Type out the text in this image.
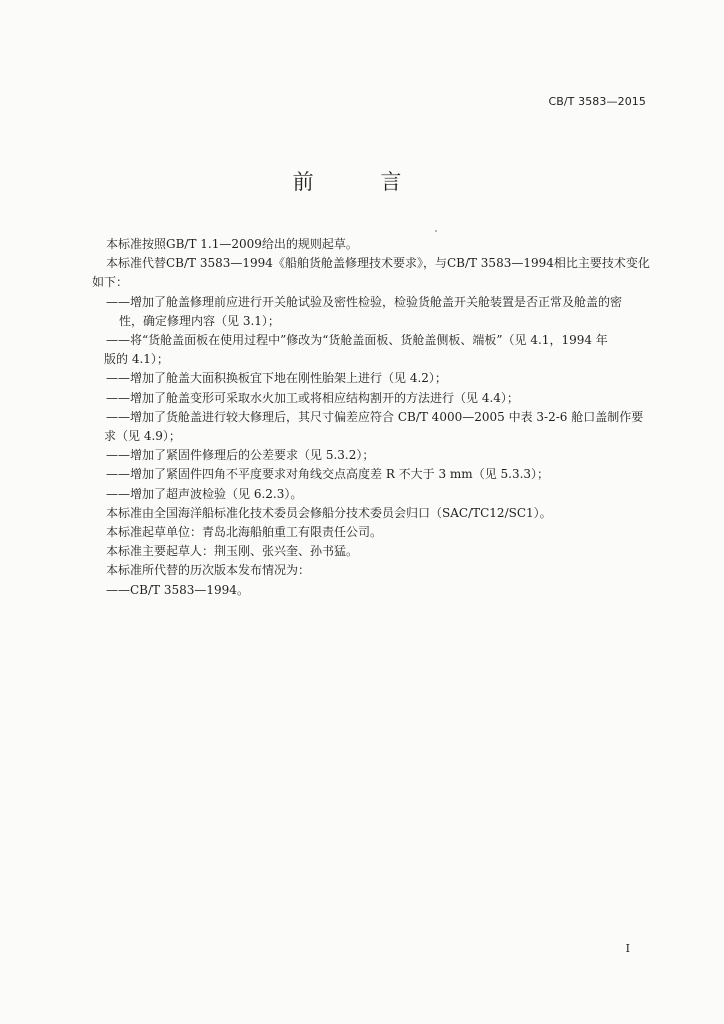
CB/T 3583—2015
前 言
本标准按照GB/T 1.1—2009给出的规则起草。
本标准代替CB/T 3583—1994《船舶货舱盖修理技术要求》，与CB/T 3583—1994相比主要技术变化
如下：
——增加了舱盖修理前应进行开关舱试验及密性检验，检验货舱盖开关舱装置是否正常及舱盖的密
性，确定修理内容（见 3.1）；
——将“货舱盖面板在使用过程中”修改为“货舱盖面板、货舱盖侧板、端板”（见 4.1，1994 年
版的 4.1）；
——增加了舱盖大面积换板宜下地在刚性胎架上进行（见 4.2）；
——增加了舱盖变形可采取水火加工或将相应结构割开的方法进行（见 4.4）；
——增加了货舱盖进行较大修理后，其尺寸偏差应符合 CB/T 4000—2005 中表 3-2-6 舱口盖制作要
求（见 4.9）；
——增加了紧固件修理后的公差要求（见 5.3.2）；
——增加了紧固件四角不平度要求对角线交点高度差 R 不大于 3 mm（见 5.3.3）；
——增加了超声波检验（见 6.2.3）。
本标准由全国海洋船标准化技术委员会修船分技术委员会归口（SAC/TC12/SC1）。
本标准起草单位：青岛北海船舶重工有限责任公司。
本标准主要起草人：荆玉刚、张兴奎、孙书猛。
本标准所代替的历次版本发布情况为：
——CB/T 3583—1994。
I
